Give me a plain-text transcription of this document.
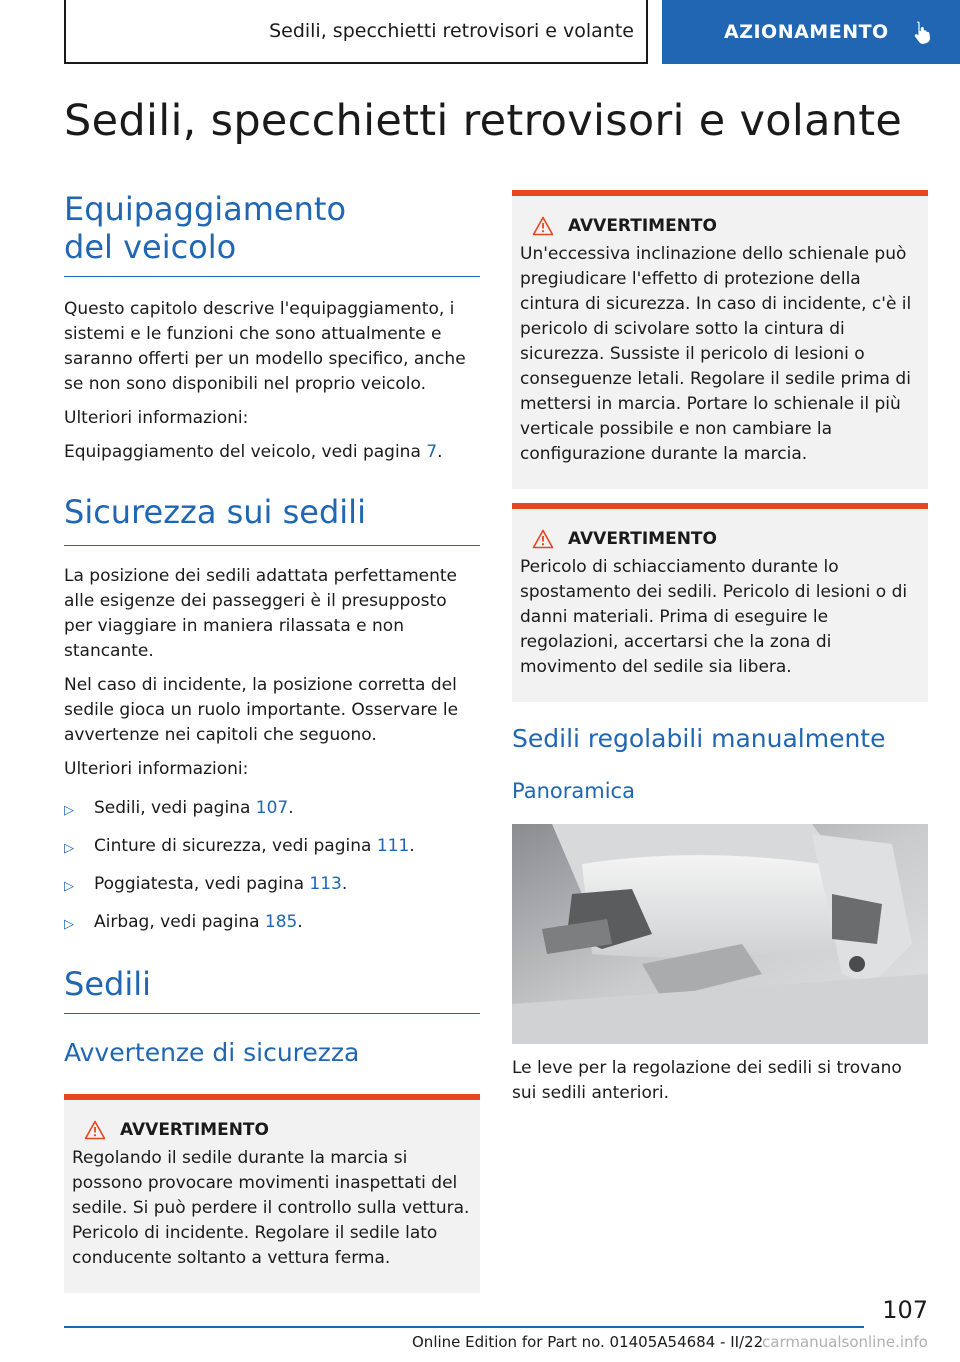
Sedili, specchietti retrovisori e volante	AZIONAMENTO
Sedili, specchietti retrovisori e volante
Equipaggiamento del veicolo

Questo capitolo descrive l'equipaggiamento, i sistemi e le funzioni che sono attualmente e saranno offerti per un modello specifico, anche se non sono disponibili nel proprio veicolo.

Ulteriori informazioni:

Equipaggiamento del veicolo, vedi pagina 7.

Sicurezza sui sedili

La posizione dei sedili adattata perfettamente alle esigenze dei passeggeri è il presupposto per viaggiare in maniera rilassata e non stancante.

Nel caso di incidente, la posizione corretta del sedile gioca un ruolo importante. Osservare le avvertenze nei capitoli che seguono.

Ulteriori informazioni:

▷	Sedili, vedi pagina 107.
▷	Cinture di sicurezza, vedi pagina 111.
▷	Poggiatesta, vedi pagina 113.
▷	Airbag, vedi pagina 185.
Sedili
Avvertenze di sicurezza
AVVERTIMENTO

Regolando il sedile durante la marcia si possono provocare movimenti inaspettati del sedile. Si può perdere il controllo sulla vettura. Pericolo di incidente. Regolare il sedile lato conducente soltanto a vettura ferma.

AVVERTIMENTO

Un'eccessiva inclinazione dello schienale può pregiudicare l'effetto di protezione della cintura di sicurezza. In caso di incidente, c'è il pericolo di scivolare sotto la cintura di sicurezza. Sussiste il pericolo di lesioni o conseguenze letali. Regolare il sedile prima di mettersi in marcia. Portare lo schienale il più verticale possibile e non cambiare la configurazione durante la marcia.

AVVERTIMENTO

Pericolo di schiacciamento durante lo spostamento dei sedili. Pericolo di lesioni o di danni materiali. Prima di eseguire le regolazioni, accertarsi che la zona di movimento del sedile sia libera.

Sedili regolabili manualmente
Panoramica

Le leve per la regolazione dei sedili si trovano sui sedili anteriori.

107
Online Edition for Part no. 01405A54684 - II/22
carmanualsonline.info
